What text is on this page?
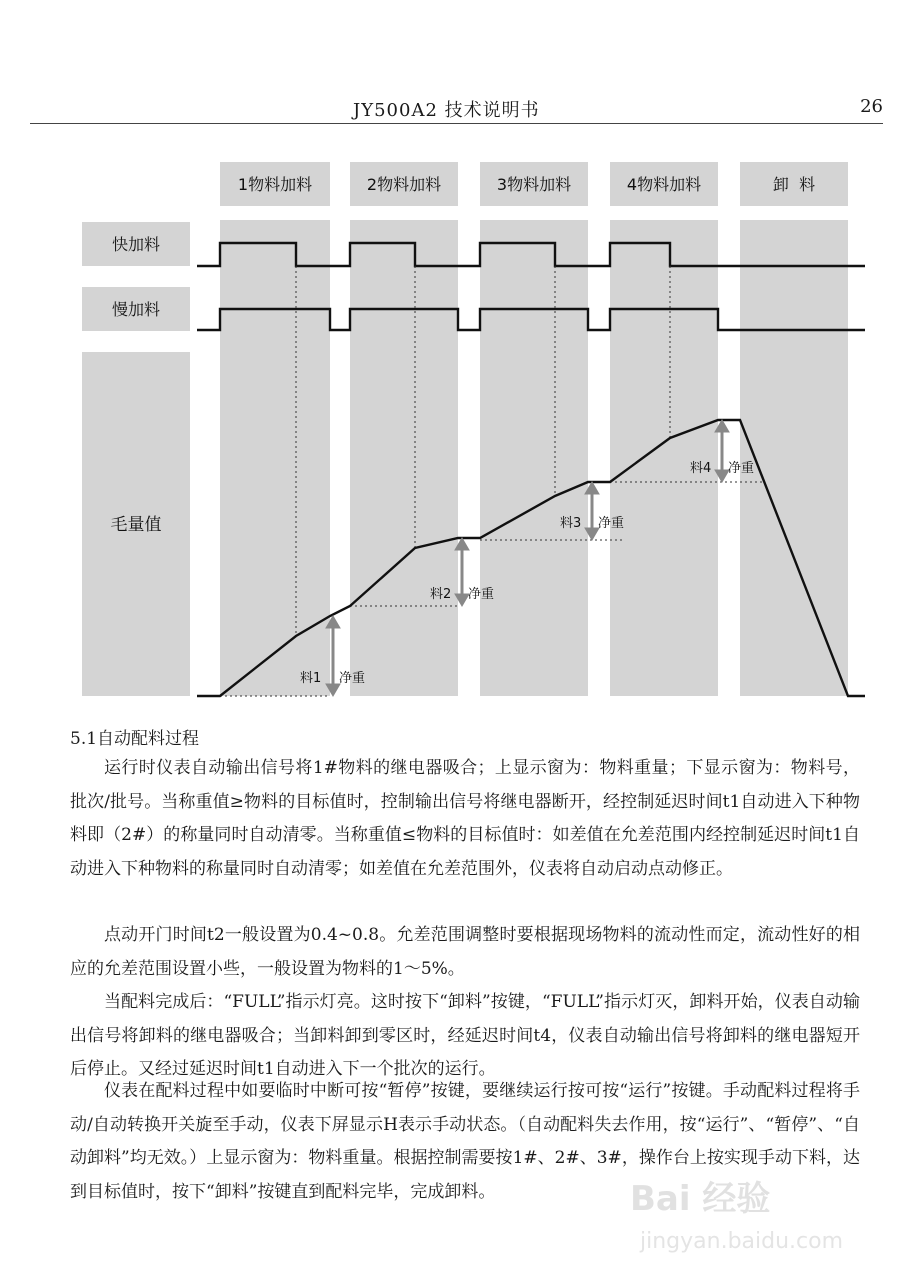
JY500A2 技术说明书	26
1物料加料	2物料加料	3物料加料	4物料加料	卸  料
快加料
慢加料
毛量值
料1 净重
料2 净重
料3 净重
料4 净重
5.1自动配料过程

运行时仪表自动输出信号将1#物料的继电器吸合；上显示窗为：物料重量；下显示窗为：物料号，批次/批号。当称重值≥物料的目标值时，控制输出信号将继电器断开，经控制延迟时间t1自动进入下种物料即（2#）的称量同时自动清零。当称重值≤物料的目标值时：如差值在允差范围内经控制延迟时间t1自动进入下种物料的称量同时自动清零；如差值在允差范围外，仪表将自动启动点动修正。

点动开门时间t2一般设置为0.4~0.8。允差范围调整时要根据现场物料的流动性而定，流动性好的相应的允差范围设置小些，一般设置为物料的1～5%。

当配料完成后：“FULL”指示灯亮。这时按下“卸料”按键，“FULL”指示灯灭，卸料开始，仪表自动输出信号将卸料的继电器吸合；当卸料卸到零区时，经延迟时间t4，仪表自动输出信号将卸料的继电器短开后停止。又经过延迟时间t1自动进入下一个批次的运行。

仪表在配料过程中如要临时中断可按“暂停”按键，要继续运行按可按“运行”按键。手动配料过程将手动/自动转换开关旋至手动，仪表下屏显示H表示手动状态。（自动配料失去作用，按“运行”、“暂停”、“自动卸料”均无效。）上显示窗为：物料重量。根据控制需要按1#、2#、3#，操作台上按实现手动下料，达到目标值时，按下“卸料”按键直到配料完毕，完成卸料。	Bai 经验
jingyan.baidu.com
